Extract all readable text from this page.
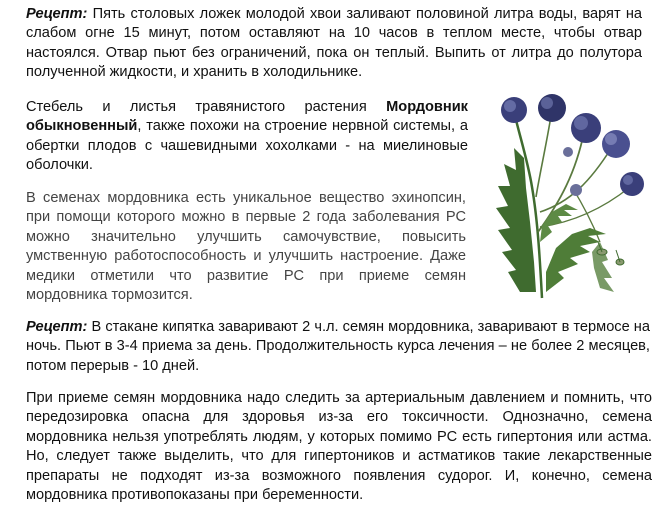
Рецепт: Пять столовых ложек молодой хвои заливают половиной литра воды, варят на слабом огне 15 минут, потом оставляют на 10 часов в теплом месте, чтобы отвар настоялся. Отвар пьют без ограничений, пока он теплый. Выпить от литра до полутора полученной жидкости, и хранить в холодильнике.

Стебель и листья травянистого растения Мордовник обыкновенный, также похожи на строение нервной системы, а обертки плодов с чашевидными хохолками - на миелиновые оболочки.

В семенах мордовника есть уникальное вещество эхинопсин, при помощи которого можно в первые 2 года заболевания РС можно значительно улучшить самочувствие, повысить умственную работоспособность и улучшить настроение. Даже медики отметили что развитие РС при приеме семян мордовника тормозится.

Рецепт: В стакане кипятка заваривают 2 ч.л. семян мордовника, заваривают в термосе на ночь. Пьют в 3-4 приема за день. Продолжительность курса лечения – не более 2 месяцев, потом перерыв - 10 дней.

При приеме семян мордовника надо следить за артериальным давлением и помнить, что передозировка опасна для здоровья из-за его токсичности. Однозначно, семена мордовника нельзя употреблять людям, у которых помимо РС есть гипертония или астма. Но, следует также выделить, что для гипертоников и астматиков такие лекарственные препараты не подходят из-за возможного появления судорог. И, конечно, семена мордовника противопоказаны при беременности.
